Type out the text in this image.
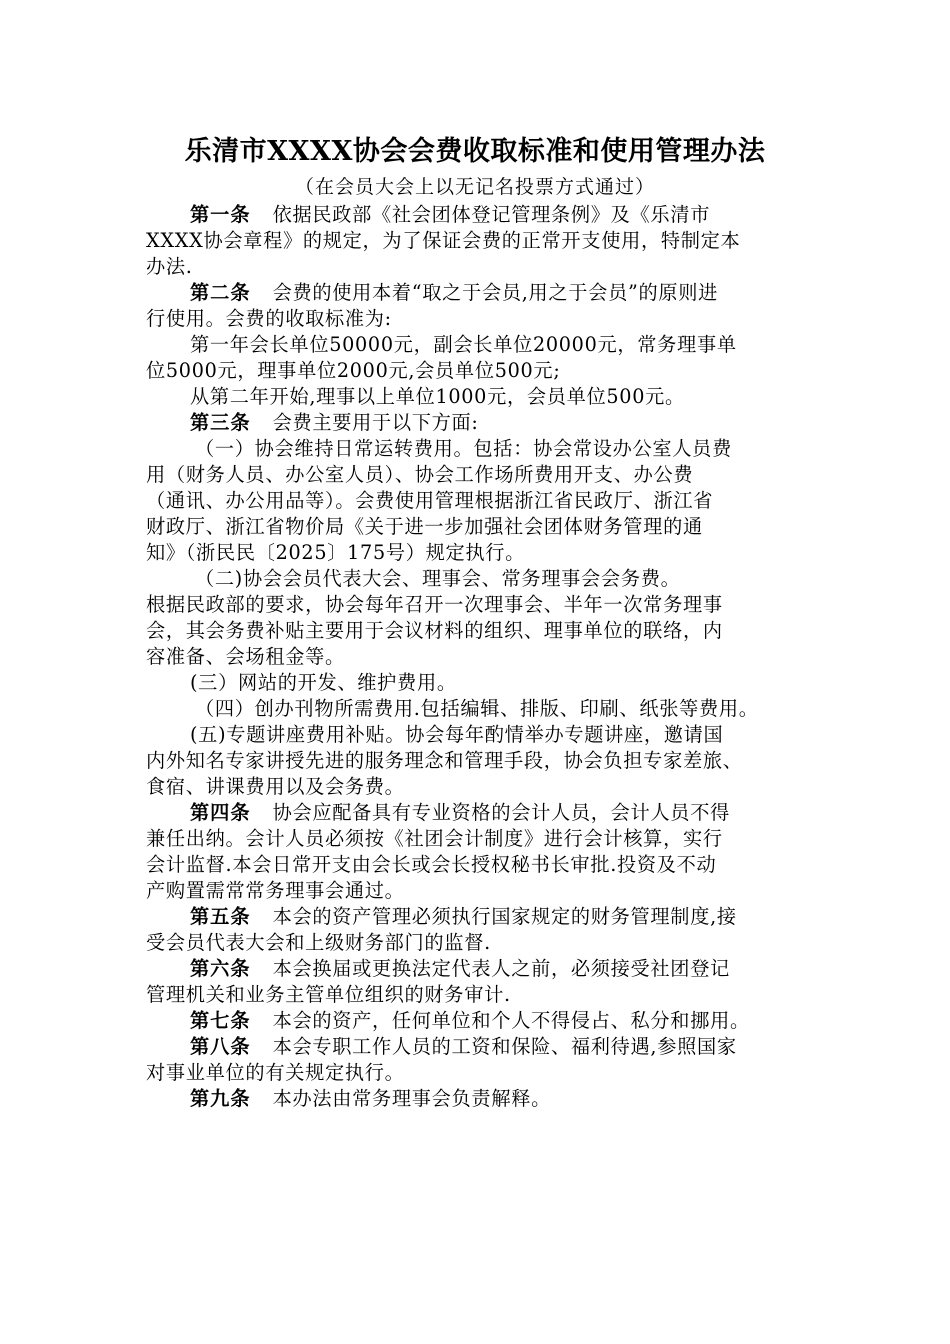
乐清市XXXX协会会费收取标准和使用管理办法
（在会员大会上以无记名投票方式通过）
第一条 依据民政部《社会团体登记管理条例》及《乐清市
XXXX协会章程》的规定，为了保证会费的正常开支使用，特制定本
办法.
第二条 会费的使用本着“取之于会员,用之于会员”的原则进
行使用。会费的收取标准为:
第一年会长单位50000元，副会长单位20000元，常务理事单
位5000元，理事单位2000元,会员单位500元;
从第二年开始,理事以上单位1000元，会员单位500元。
第三条 会费主要用于以下方面:
（一）协会维持日常运转费用。包括：协会常设办公室人员费
用（财务人员、办公室人员）、协会工作场所费用开支、办公费
（通讯、办公用品等）。会费使用管理根据浙江省民政厅、浙江省
财政厅、浙江省物价局《关于进一步加强社会团体财务管理的通
知》（浙民民〔2025〕175号）规定执行。
（二)协会会员代表大会、理事会、常务理事会会务费。
根据民政部的要求，协会每年召开一次理事会、半年一次常务理事
会，其会务费补贴主要用于会议材料的组织、理事单位的联络，内
容准备、会场租金等。
(三）网站的开发、维护费用。
（四）创办刊物所需费用.包括编辑、排版、印刷、纸张等费用。
(五)专题讲座费用补贴。协会每年酌情举办专题讲座，邀请国
内外知名专家讲授先进的服务理念和管理手段，协会负担专家差旅、
食宿、讲课费用以及会务费。
第四条 协会应配备具有专业资格的会计人员，会计人员不得
兼任出纳。会计人员必须按《社团会计制度》进行会计核算，实行
会计监督.本会日常开支由会长或会长授权秘书长审批.投资及不动
产购置需常常务理事会通过。
第五条 本会的资产管理必须执行国家规定的财务管理制度,接
受会员代表大会和上级财务部门的监督.
第六条 本会换届或更换法定代表人之前，必须接受社团登记
管理机关和业务主管单位组织的财务审计.
第七条 本会的资产，任何单位和个人不得侵占、私分和挪用。
第八条 本会专职工作人员的工资和保险、福利待遇,参照国家
对事业单位的有关规定执行。
第九条 本办法由常务理事会负责解释。
